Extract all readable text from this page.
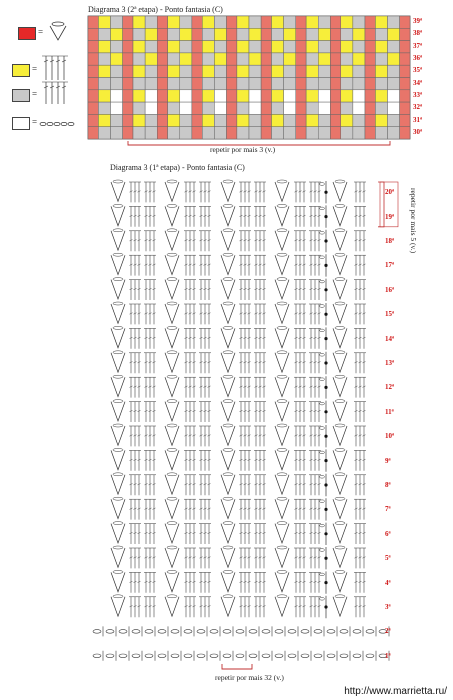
Diagrama 3 (2ª etapa) - Ponto fantasia (C)
=
=
=
=
39ª
38ª
37ª
36ª
35ª
34ª
33ª
32ª
31ª
30ª
repetir por mais 3 (v.)
Diagrama 3 (1ª etapa) - Ponto fantasia (C)
20ª
19ª
18ª
17ª
16ª
15ª
14ª
13ª
12ª
11ª
10ª
9ª
8ª
7ª
6ª
5ª
4ª
3ª
2ª
1ª
repetir por mais 5 (v.)
repetir por mais 32 (v.)
http://www.marrietta.ru/
